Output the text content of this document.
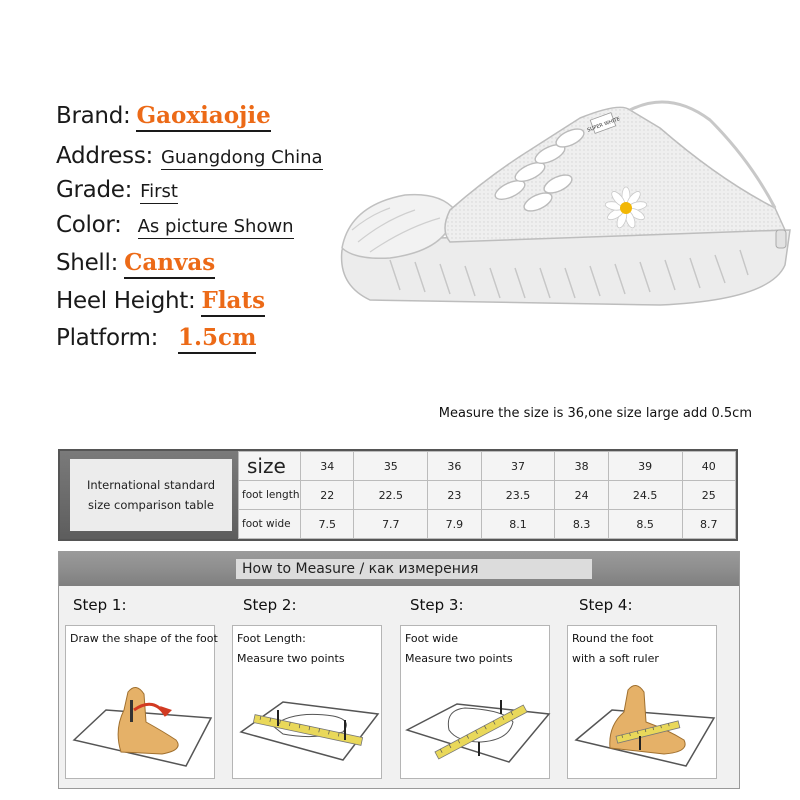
Brand: Gaoxiaojie
Address: Guangdong China
Grade: First
Color: As picture Shown
Shell: Canvas
Heel Height: Flats
Platform: 1.5cm
SUPER WHITE
Measure the size is 36,one size large add 0.5cm
International standard
size comparison table
size	34	35	36	37	38	39	40
foot length	22	22.5	23	23.5	24	24.5	25
foot wide	7.5	7.7	7.9	8.1	8.3	8.5	8.7
How to Measure / как измерения
Step 1:
Draw the shape of the foot
Step 2:
Foot Length:
Measure two points
Step 3:
Foot wide
Measure two points
Step 4:
Round the foot
with a soft ruler
